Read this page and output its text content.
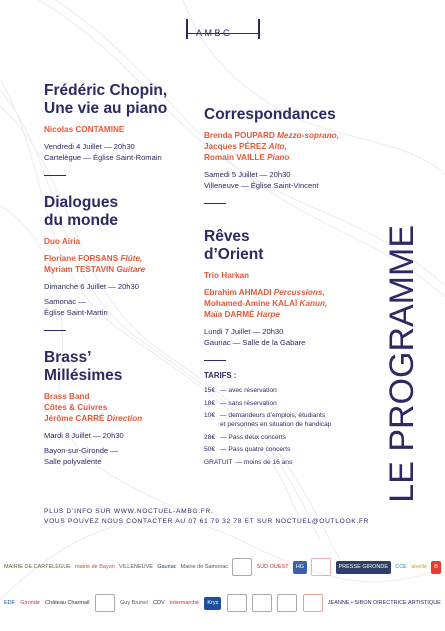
AMBG
Frédéric Chopin,
Une vie au piano
Nicolas CONTAMINE
Vendredi 4 Juillet — 20h30
Cartelègue — Église Saint-Romain
Dialogues
du monde
Duo Airia
Floriane FORSANS Flûte,
Myriam TESTAVIN Guitare
Dimanche 6 Juillet — 20h30
Samonac —
Église Saint-Martin
Brass’
Millésimes
Brass Band
Côtes & Cuivres
Jérôme CARRÉ Direction
Mardi 8 Juillet — 20h30
Bayon-sur-Gironde —
Salle polyvalente
Correspondances
Brenda POUPARD Mezzo-soprano,
Jacques PÉREZ Alto,
Romain VAILLE Piano
Samedi 5 Juillet — 20h30
Villeneuve — Église Saint-Vincent
Rêves
d’Orient
Trio Harkan
Ebrahim AHMADI Percussions,
Mohamed-Amine KALAÏ Kanun,
Maïa DARMÉ Harpe
Lundi 7 Juillet — 20h30
Gauriac — Salle de la Gabare
TARIFS :
15€ — avec réservation
18€ — sans réservation
10€ — demandeurs d’emplois, étudiants
et personnes en situation de handicap
28€ — Pass deux concerts
50€ — Pass quatre concerts
GRATUIT — moins de 16 ans	LE PROGRAMME
PLUS D’INFO SUR WWW.NOCTUEL-AMBG.FR.
VOUS POUVEZ NOUS CONTACTER AU 07 61 79 32 78 ET SUR NOCTUEL@OUTLOOK.FR
MAIRIE DE CARTELÈGUE mairie de Bayon VILLENEUVE Gauriac Mairie de Samonac	SUD OUEST	HG	PRESSE GIRONDE	CCE abeille	B
EDF Gironde Château Charmail	Guy Brunet CDV intermarché	Krys	JEANNE • SIBON DIRECTRICE ARTISTIQUE
